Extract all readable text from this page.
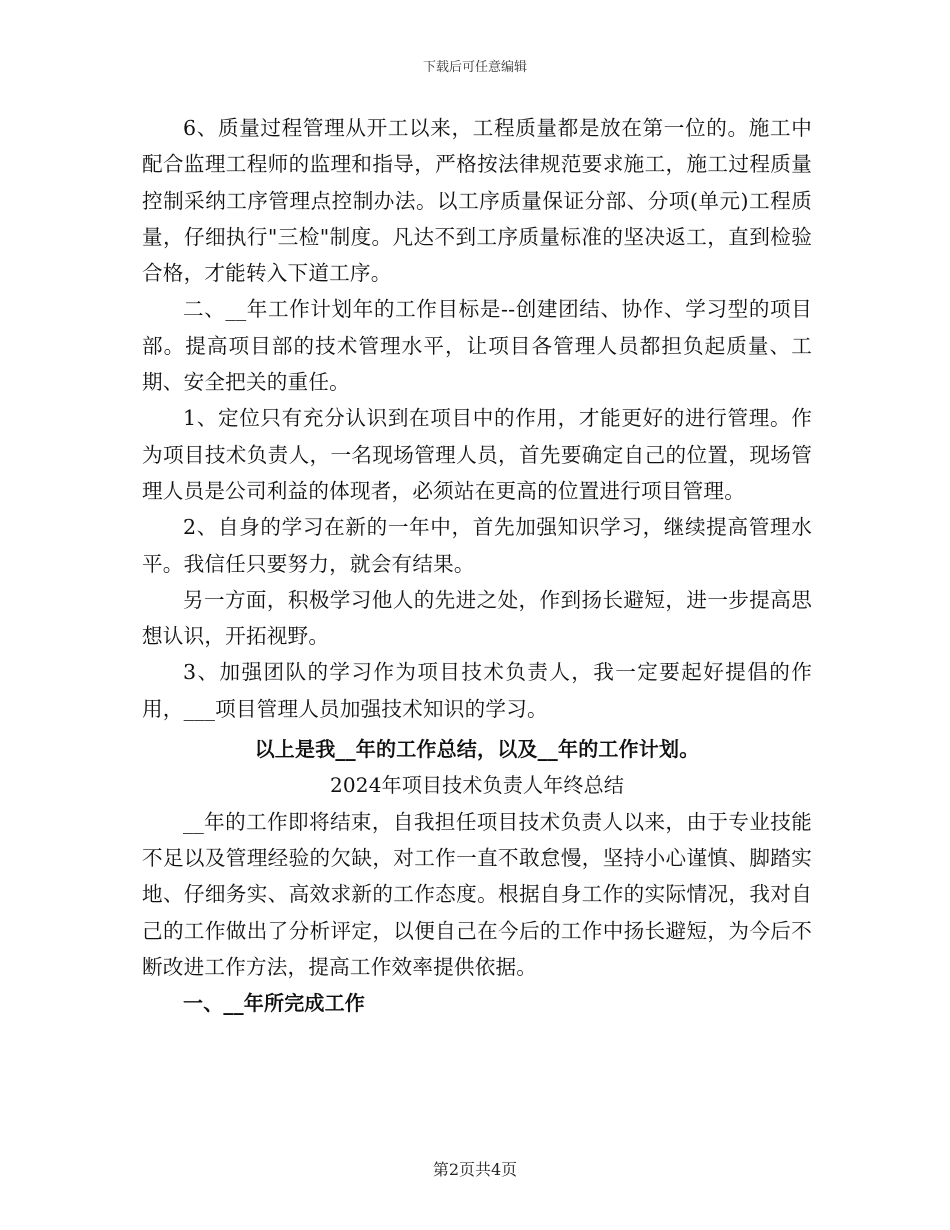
下载后可任意编辑

6、质量过程管理从开工以来，工程质量都是放在第一位的。施工中配合监理工程师的监理和指导，严格按法律规范要求施工，施工过程质量控制采纳工序管理点控制办法。以工序质量保证分部、分项(单元)工程质量，仔细执行"三检"制度。凡达不到工序质量标准的坚决返工，直到检验合格，才能转入下道工序。

二、__年工作计划年的工作目标是--创建团结、协作、学习型的项目部。提高项目部的技术管理水平，让项目各管理人员都担负起质量、工期、安全把关的重任。

1、定位只有充分认识到在项目中的作用，才能更好的进行管理。作为项目技术负责人，一名现场管理人员，首先要确定自己的位置，现场管理人员是公司利益的体现者，必须站在更高的位置进行项目管理。

2、自身的学习在新的一年中，首先加强知识学习，继续提高管理水平。我信任只要努力，就会有结果。

另一方面，积极学习他人的先进之处，作到扬长避短，进一步提高思想认识，开拓视野。

3、加强团队的学习作为项目技术负责人，我一定要起好提倡的作用，___项目管理人员加强技术知识的学习。

以上是我__年的工作总结，以及__年的工作计划。

2024年项目技术负责人年终总结

__年的工作即将结束，自我担任项目技术负责人以来，由于专业技能不足以及管理经验的欠缺，对工作一直不敢怠慢，坚持小心谨慎、脚踏实地、仔细务实、高效求新的工作态度。根据自身工作的实际情况，我对自己的工作做出了分析评定，以便自己在今后的工作中扬长避短，为今后不断改进工作方法，提高工作效率提供依据。

一、__年所完成工作

第2页共4页
